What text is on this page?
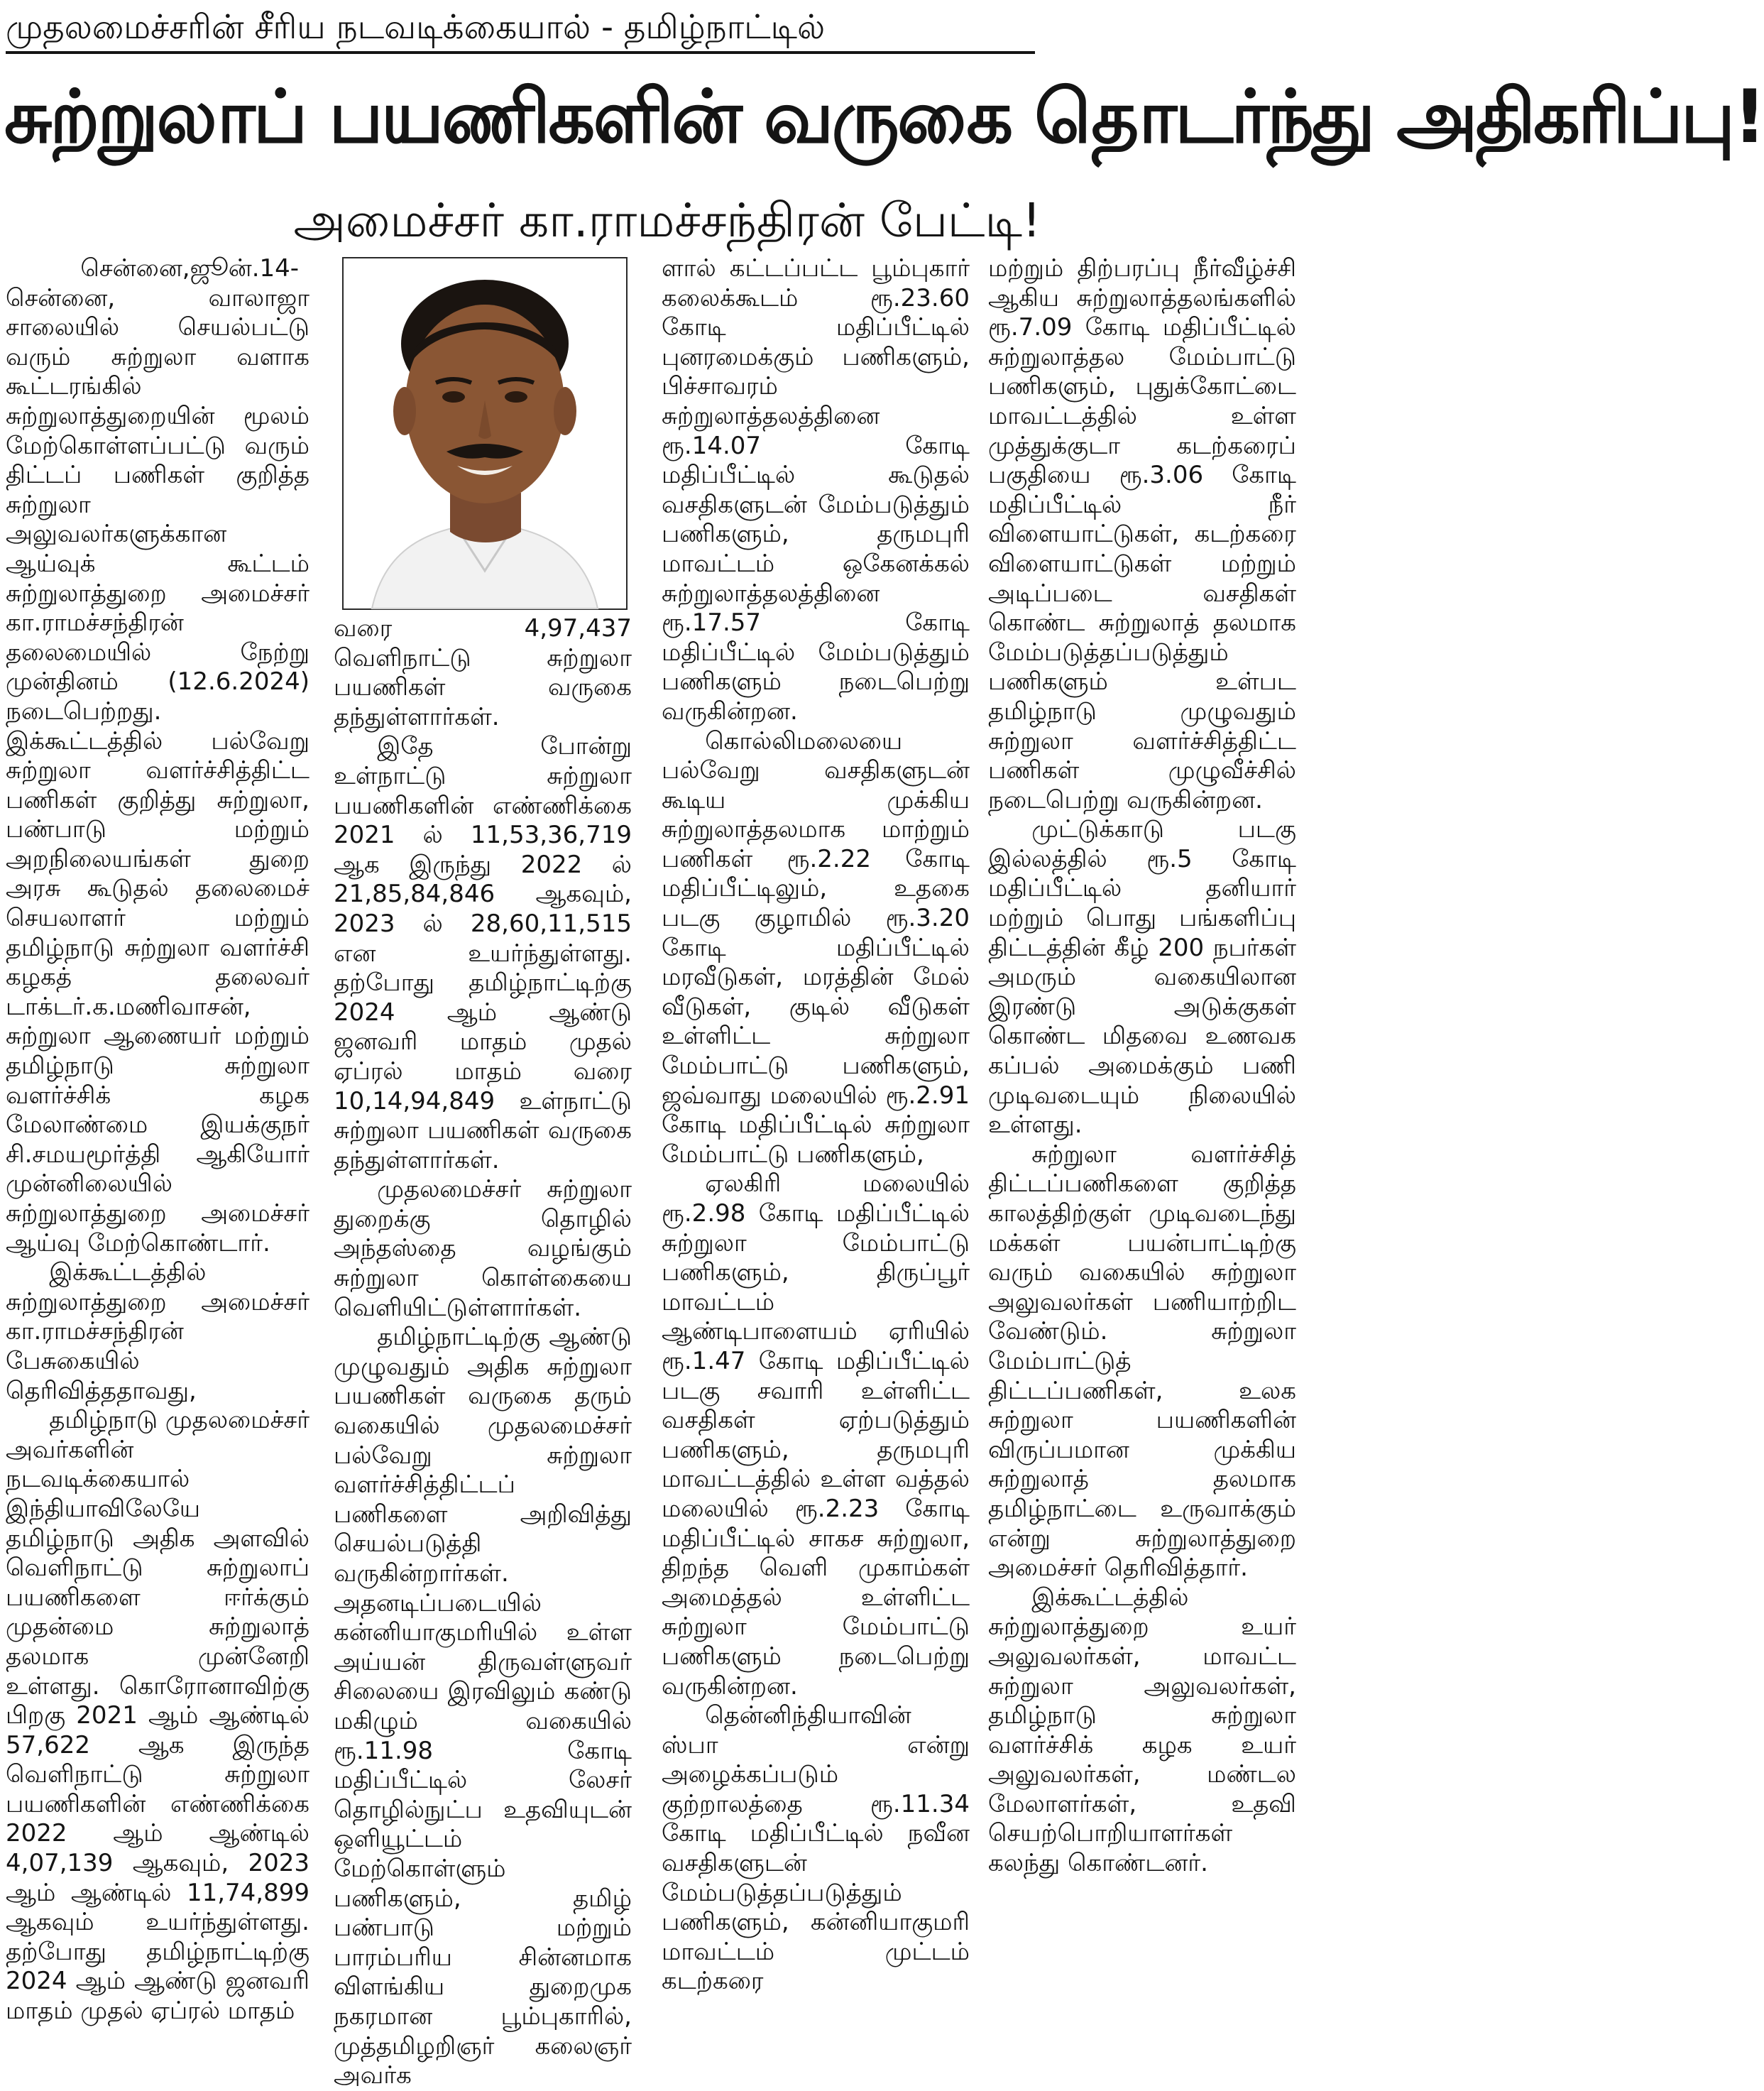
முதலமைச்சரின் சீரிய நடவடிக்கையால் - தமிழ்நாட்டில்
சுற்றுலாப் பயணிகளின் வருகை தொடர்ந்து அதிகரிப்பு!
அமைச்சர் கா.ராமச்சந்திரன் பேட்டி!

சென்னை,ஜூன்.14-

சென்னை, வாலாஜா சாலையில் செயல்பட்டு வரும் சுற்றுலா வளாக கூட்டரங்கில் சுற்றுலாத்துறையின் மூலம் மேற்கொள்ளப்பட்டு வரும் திட்டப் பணிகள் குறித்த சுற்றுலா அலுவலர்களுக்கான ஆய்வுக் கூட்டம் சுற்றுலாத்துறை அமைச்சர் கா.ராமச்சந்திரன் தலைமையில் நேற்று முன்தினம் (12.6.2024) நடைபெற்றது. இக்கூட்டத்தில் பல்வேறு சுற்றுலா வளர்ச்சித்திட்ட பணிகள் குறித்து சுற்றுலா, பண்பாடு மற்றும் அறநிலையங்கள் துறை அரசு கூடுதல் தலைமைச் செயலாளர் மற்றும் தமிழ்நாடு சுற்றுலா வளர்ச்சி கழகத் தலைவர் டாக்டர்.க.மணிவாசன், சுற்றுலா ஆணையர் மற்றும் தமிழ்நாடு சுற்றுலா வளர்ச்சிக் கழக மேலாண்மை இயக்குநர் சி.சமயமூர்த்தி ஆகியோர் முன்னிலையில் சுற்றுலாத்துறை அமைச்சர் ஆய்வு மேற்கொண்டார்.

இக்கூட்டத்தில் சுற்றுலாத்துறை அமைச்சர் கா.ராமச்சந்திரன் பேசுகையில் தெரிவித்ததாவது,

தமிழ்நாடு முதலமைச்சர் அவர்களின் நடவடிக்கையால் இந்தியாவிலேயே தமிழ்நாடு அதிக அளவில் வெளிநாட்டு சுற்றுலாப் பயணிகளை ஈர்க்கும் முதன்மை சுற்றுலாத் தலமாக முன்னேறி உள்ளது. கொரோனாவிற்கு பிறகு 2021 ஆம் ஆண்டில் 57,622 ஆக இருந்த வெளிநாட்டு சுற்றுலா பயணிகளின் எண்ணிக்கை 2022 ஆம் ஆண்டில் 4,07,139 ஆகவும், 2023 ஆம் ஆண்டில் 11,74,899 ஆகவும் உயர்ந்துள்ளது. தற்போது தமிழ்நாட்டிற்கு 2024 ஆம் ஆண்டு ஜனவரி மாதம் முதல் ஏப்ரல் மாதம்

வரை 4,97,437 வெளிநாட்டு சுற்றுலா பயணிகள் வருகை தந்துள்ளார்கள்.

இதே போன்று உள்நாட்டு சுற்றுலா பயணிகளின் எண்ணிக்கை 2021 ல் 11,53,36,719 ஆக இருந்து 2022 ல் 21,85,84,846 ஆகவும், 2023 ல் 28,60,11,515 என உயர்ந்துள்ளது. தற்போது தமிழ்நாட்டிற்கு 2024 ஆம் ஆண்டு ஜனவரி மாதம் முதல் ஏப்ரல் மாதம் வரை 10,14,94,849 உள்நாட்டு சுற்றுலா பயணிகள் வருகை தந்துள்ளார்கள்.

முதலமைச்சர் சுற்றுலா துறைக்கு தொழில் அந்தஸ்தை வழங்கும் சுற்றுலா கொள்கையை வெளியிட்டுள்ளார்கள்.

தமிழ்நாட்டிற்கு ஆண்டு முழுவதும் அதிக சுற்றுலா பயணிகள் வருகை தரும் வகையில் முதலமைச்சர் பல்வேறு சுற்றுலா வளர்ச்சித்திட்டப் பணிகளை அறிவித்து செயல்படுத்தி வருகின்றார்கள். அதனடிப்படையில் கன்னியாகுமரியில் உள்ள அய்யன் திருவள்ளுவர் சிலையை இரவிலும் கண்டு மகிழும் வகையில் ரூ.11.98 கோடி மதிப்பீட்டில் லேசர் தொழில்நுட்ப உதவியுடன் ஒளியூட்டம் மேற்கொள்ளும் பணிகளும், தமிழ் பண்பாடு மற்றும் பாரம்பரிய சின்னமாக விளங்கிய துறைமுக நகரமான பூம்புகாரில், முத்தமிழறிஞர் கலைஞர் அவர்க

ளால் கட்டப்பட்ட பூம்புகார் கலைக்கூடம் ரூ.23.60 கோடி மதிப்பீட்டில் புனரமைக்கும் பணிகளும், பிச்சாவரம் சுற்றுலாத்தலத்தினை ரூ.14.07 கோடி மதிப்பீட்டில் கூடுதல் வசதிகளுடன் மேம்படுத்தும் பணிகளும், தருமபுரி மாவட்டம் ஒகேனக்கல் சுற்றுலாத்தலத்தினை ரூ.17.57 கோடி மதிப்பீட்டில் மேம்படுத்தும் பணிகளும் நடைபெற்று வருகின்றன.

கொல்லிமலையை பல்வேறு வசதிகளுடன் கூடிய முக்கிய சுற்றுலாத்தலமாக மாற்றும் பணிகள் ரூ.2.22 கோடி மதிப்பீட்டிலும், உதகை படகு குழாமில் ரூ.3.20 கோடி மதிப்பீட்டில் மரவீடுகள், மரத்தின் மேல் வீடுகள், குடில் வீடுகள் உள்ளிட்ட சுற்றுலா மேம்பாட்டு பணிகளும், ஜவ்வாது மலையில் ரூ.2.91 கோடி மதிப்பீட்டில் சுற்றுலா மேம்பாட்டு பணிகளும்,

ஏலகிரி மலையில் ரூ.2.98 கோடி மதிப்பீட்டில் சுற்றுலா மேம்பாட்டு பணிகளும், திருப்பூர் மாவட்டம் ஆண்டிபாளையம் ஏரியில் ரூ.1.47 கோடி மதிப்பீட்டில் படகு சவாரி உள்ளிட்ட வசதிகள் ஏற்படுத்தும் பணிகளும், தருமபுரி மாவட்டத்தில் உள்ள வத்தல் மலையில் ரூ.2.23 கோடி மதிப்பீட்டில் சாகச சுற்றுலா, திறந்த வெளி முகாம்கள் அமைத்தல் உள்ளிட்ட சுற்றுலா மேம்பாட்டு பணிகளும் நடைபெற்று வருகின்றன.

தென்னிந்தியாவின் ஸ்பா என்று அழைக்கப்படும் குற்றாலத்தை ரூ.11.34 கோடி மதிப்பீட்டில் நவீன வசதிகளுடன் மேம்படுத்தப்படுத்தும் பணிகளும், கன்னியாகுமரி மாவட்டம் முட்டம் கடற்கரை

மற்றும் திற்பரப்பு நீர்வீழ்ச்சி ஆகிய சுற்றுலாத்தலங்களில் ரூ.7.09 கோடி மதிப்பீட்டில் சுற்றுலாத்தல மேம்பாட்டு பணிகளும், புதுக்கோட்டை மாவட்டத்தில் உள்ள முத்துக்குடா கடற்கரைப் பகுதியை ரூ.3.06 கோடி மதிப்பீட்டில் நீர் விளையாட்டுகள், கடற்கரை விளையாட்டுகள் மற்றும் அடிப்படை வசதிகள் கொண்ட சுற்றுலாத் தலமாக மேம்படுத்தப்படுத்தும் பணிகளும் உள்பட தமிழ்நாடு முழுவதும் சுற்றுலா வளர்ச்சித்திட்ட பணிகள் முழுவீச்சில் நடைபெற்று வருகின்றன.

முட்டுக்காடு படகு இல்லத்தில் ரூ.5 கோடி மதிப்பீட்டில் தனியார் மற்றும் பொது பங்களிப்பு திட்டத்தின் கீழ் 200 நபர்கள் அமரும் வகையிலான இரண்டு அடுக்குகள் கொண்ட மிதவை உணவக கப்பல் அமைக்கும் பணி முடிவடையும் நிலையில் உள்ளது.

சுற்றுலா வளர்ச்சித் திட்டப்பணிகளை குறித்த காலத்திற்குள் முடிவடைந்து மக்கள் பயன்பாட்டிற்கு வரும் வகையில் சுற்றுலா அலுவலர்கள் பணியாற்றிட வேண்டும். சுற்றுலா மேம்பாட்டுத் திட்டப்பணிகள், உலக சுற்றுலா பயணிகளின் விருப்பமான முக்கிய சுற்றுலாத் தலமாக தமிழ்நாட்டை உருவாக்கும் என்று சுற்றுலாத்துறை அமைச்சர் தெரிவித்தார்.

இக்கூட்டத்தில் சுற்றுலாத்துறை உயர் அலுவலர்கள், மாவட்ட சுற்றுலா அலுவலர்கள், தமிழ்நாடு சுற்றுலா வளர்ச்சிக் கழக உயர் அலுவலர்கள், மண்டல மேலாளர்கள், உதவி செயற்பொறியாளர்கள் கலந்து கொண்டனர்.
